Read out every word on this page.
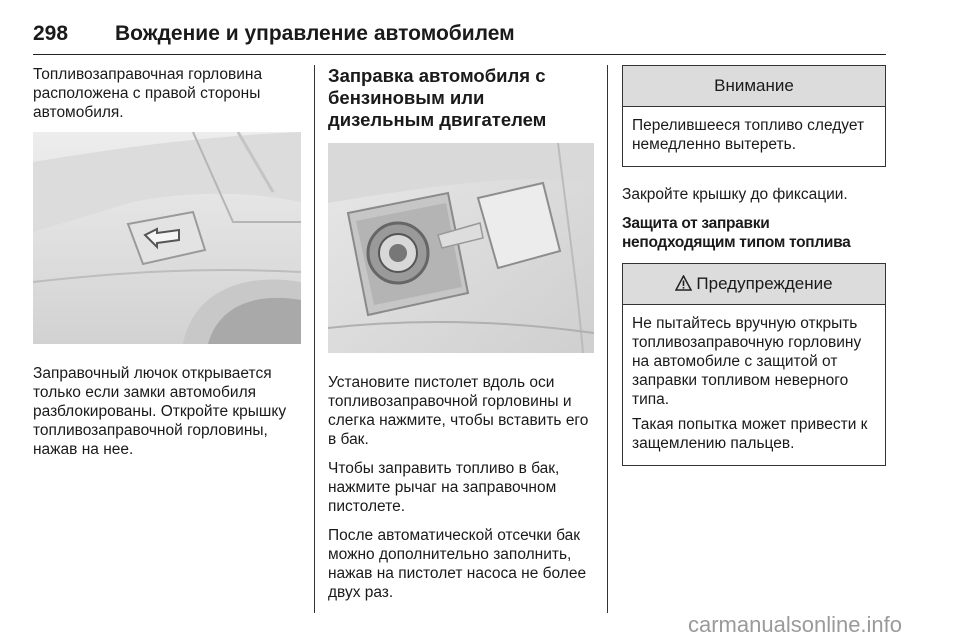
298 Вождение и управление автомобилем

Топливозаправочная горловина расположена с правой стороны автомобиля.

Заправочный лючок открывается только если замки автомобиля разблокированы. Откройте крышку топливозаправочной горловины, нажав на нее.

Заправка автомобиля с бензиновым или дизельным двигателем

Установите пистолет вдоль оси топливозаправочной горловины и слегка нажмите, чтобы вставить его в бак.

Чтобы заправить топливо в бак, нажмите рычаг на заправочном пистолете.

После автоматической отсечки бак можно дополнительно заполнить, нажав на пистолет насоса не более двух раз.

Внимание

Перелившееся топливо следует немедленно вытереть.

Закройте крышку до фиксации.

Защита от заправки неподходящим типом топлива
Предупреждение

Не пытайтесь вручную открыть топливозаправочную горловину на автомобиле с защитой от заправки топливом неверного типа.

Такая попытка может привести к защемлению пальцев.

carmanualsonline.info
